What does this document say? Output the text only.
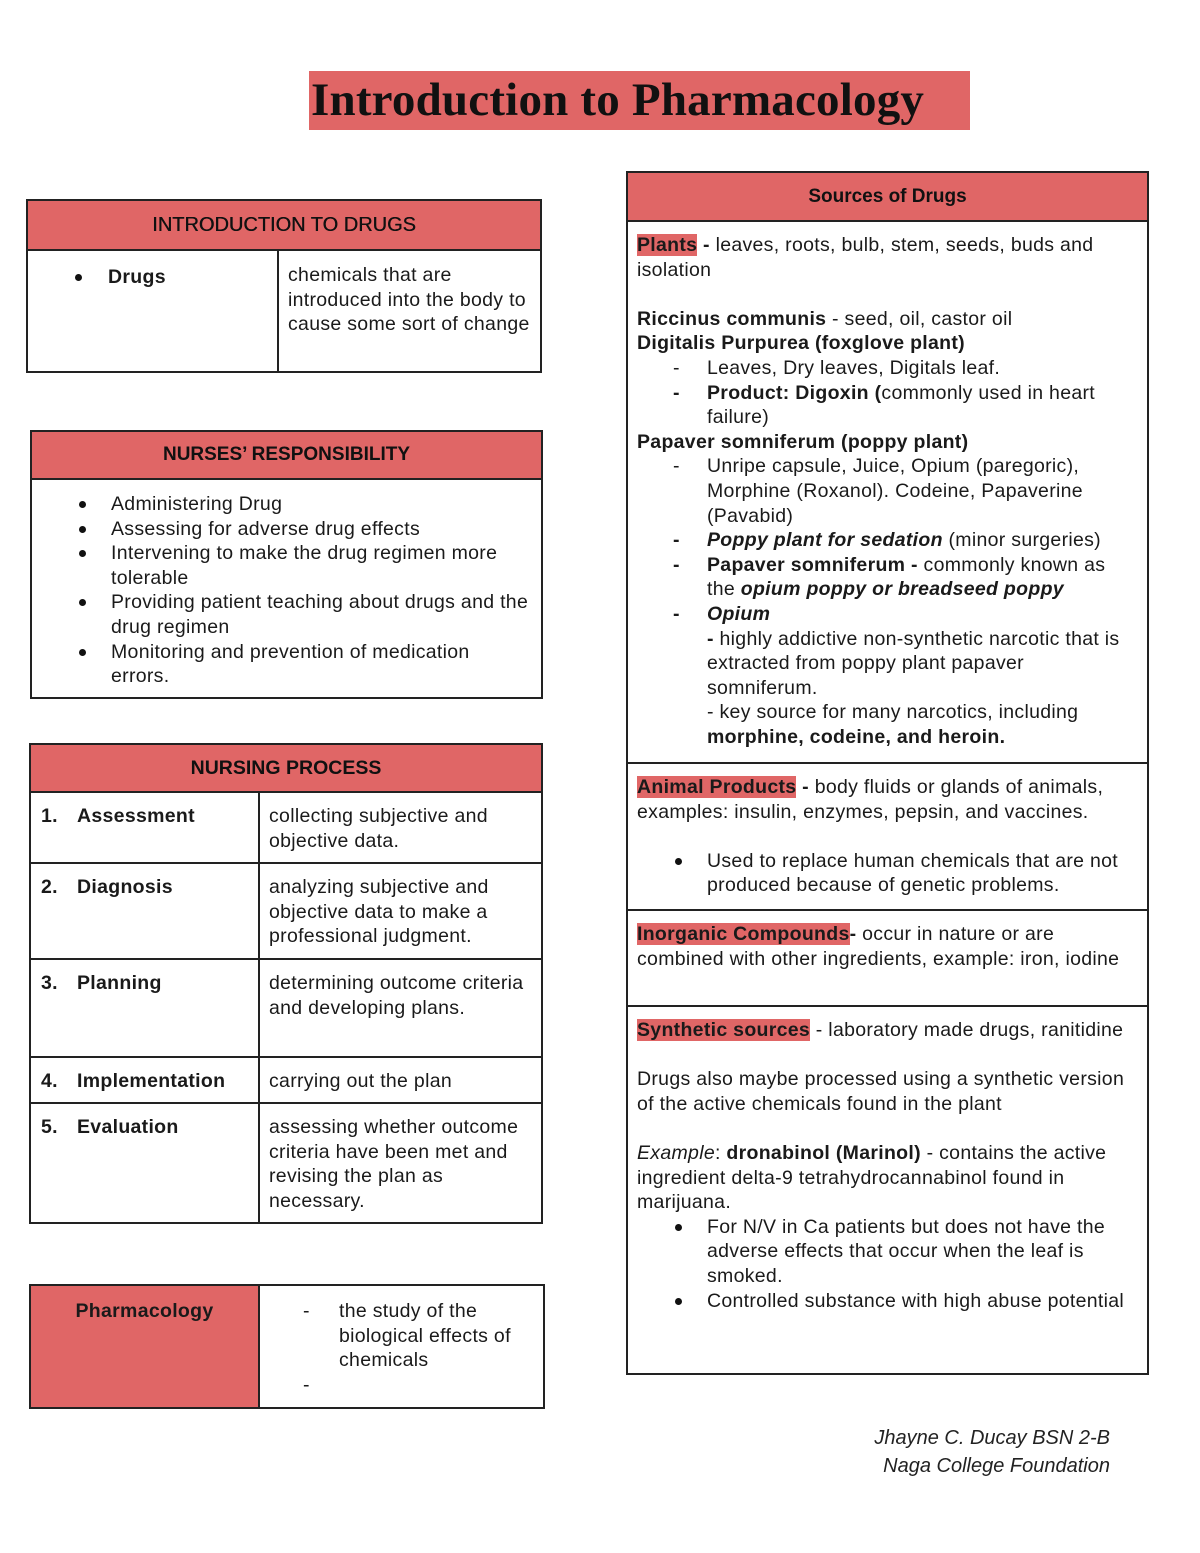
Introduction to Pharmacology
INTRODUCTION TO DRUGS
Drugs	chemicals that are introduced into the body to cause some sort of change
NURSES’ RESPONSIBILITY
Administering Drug
Assessing for adverse drug effects
Intervening to make the drug regimen more tolerable
Providing patient teaching about drugs and the drug regimen
Monitoring and prevention of medication errors.
NURSING PROCESS
1. Assessment	collecting subjective and objective data.
2. Diagnosis	analyzing subjective and objective data to make a professional judgment.
3. Planning	determining outcome criteria and developing plans.
4. Implementation	carrying out the plan
5. Evaluation	assessing whether outcome criteria have been met and revising the plan as necessary.
Pharmacology
-	the study of the biological effects of chemicals
-
Sources of Drugs
Plants - leaves, roots, bulb, stem, seeds, buds and isolation
Riccinus communis - seed, oil, castor oil
Digitalis Purpurea (foxglove plant)
- Leaves, Dry leaves, Digitals leaf.
- Product: Digoxin (commonly used in heart failure)
Papaver somniferum (poppy plant)
- Unripe capsule, Juice, Opium (paregoric), Morphine (Roxanol). Codeine, Papaverine (Pavabid)
- Poppy plant for sedation (minor surgeries)
- Papaver somniferum - commonly known as the opium poppy or breadseed poppy
- Opium
- highly addictive non-synthetic narcotic that is extracted from poppy plant papaver somniferum.
- key source for many narcotics, including morphine, codeine, and heroin.
Animal Products - body fluids or glands of animals, examples: insulin, enzymes, pepsin, and vaccines.
Used to replace human chemicals that are not produced because of genetic problems.
Inorganic Compounds- occur in nature or are combined with other ingredients, example: iron, iodine
Synthetic sources - laboratory made drugs, ranitidine
Drugs also maybe processed using a synthetic version of the active chemicals found in the plant
Example: dronabinol (Marinol) - contains the active ingredient delta-9 tetrahydrocannabinol found in marijuana.
For N/V in Ca patients but does not have the adverse effects that occur when the leaf is smoked.
Controlled substance with high abuse potential
Jhayne C. Ducay BSN 2-B
Naga College Foundation
